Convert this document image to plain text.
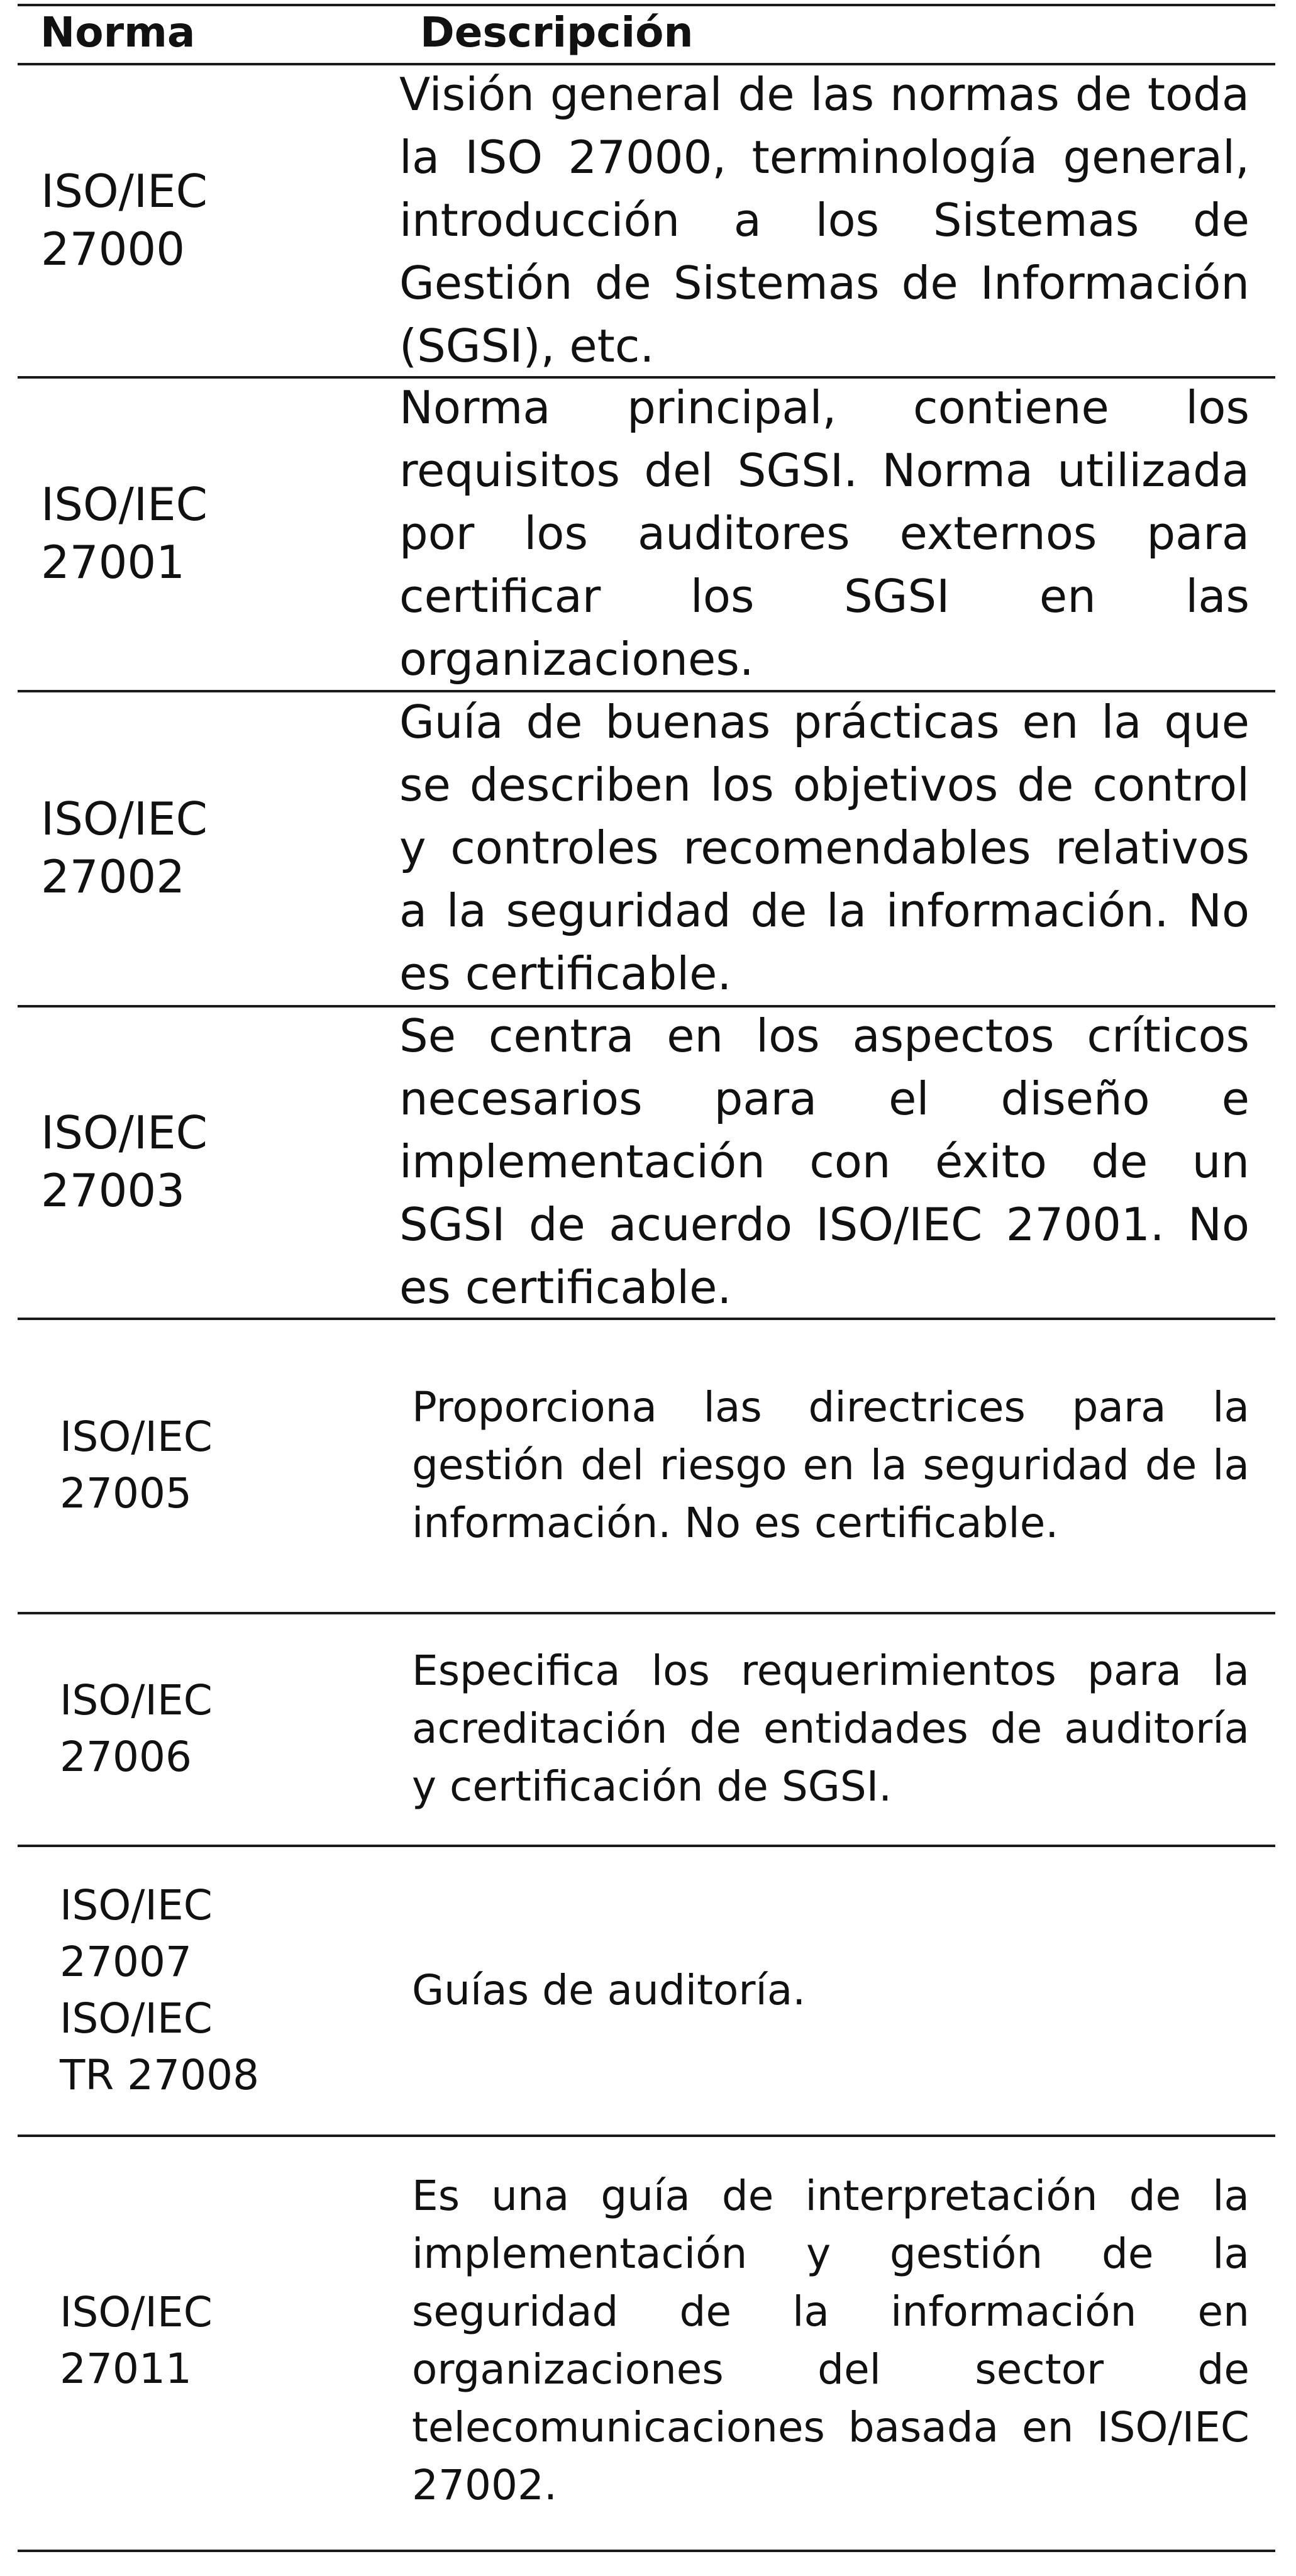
Norma	Descripción
ISO/IEC
27000
Visión general de las normas de toda la ISO 27000, terminología general, introducción a los Sistemas de Gestión de Sistemas de Información (SGSI), etc.
ISO/IEC
27001
Norma principal, contiene los requisitos del SGSI. Norma utilizada por los auditores externos para certificar los SGSI en las organizaciones.
ISO/IEC
27002
Guía de buenas prácticas en la que se describen los objetivos de control y controles recomendables relativos a la seguridad de la información. No es certificable.
ISO/IEC
27003
Se centra en los aspectos críticos necesarios para el diseño e implementación con éxito de un SGSI de acuerdo ISO/IEC 27001. No es certificable.
ISO/IEC
27005
Proporciona las directrices para la gestión del riesgo en la seguridad de la información. No es certificable.
ISO/IEC
27006
Especifica los requerimientos para la acreditación de entidades de auditoría y certificación de SGSI.
ISO/IEC
27007
ISO/IEC
TR 27008
Guías de auditoría.
ISO/IEC
27011
Es una guía de interpretación de la implementación y gestión de la seguridad de la información en organizaciones del sector de telecomunicaciones basada en ISO/IEC 27002.
